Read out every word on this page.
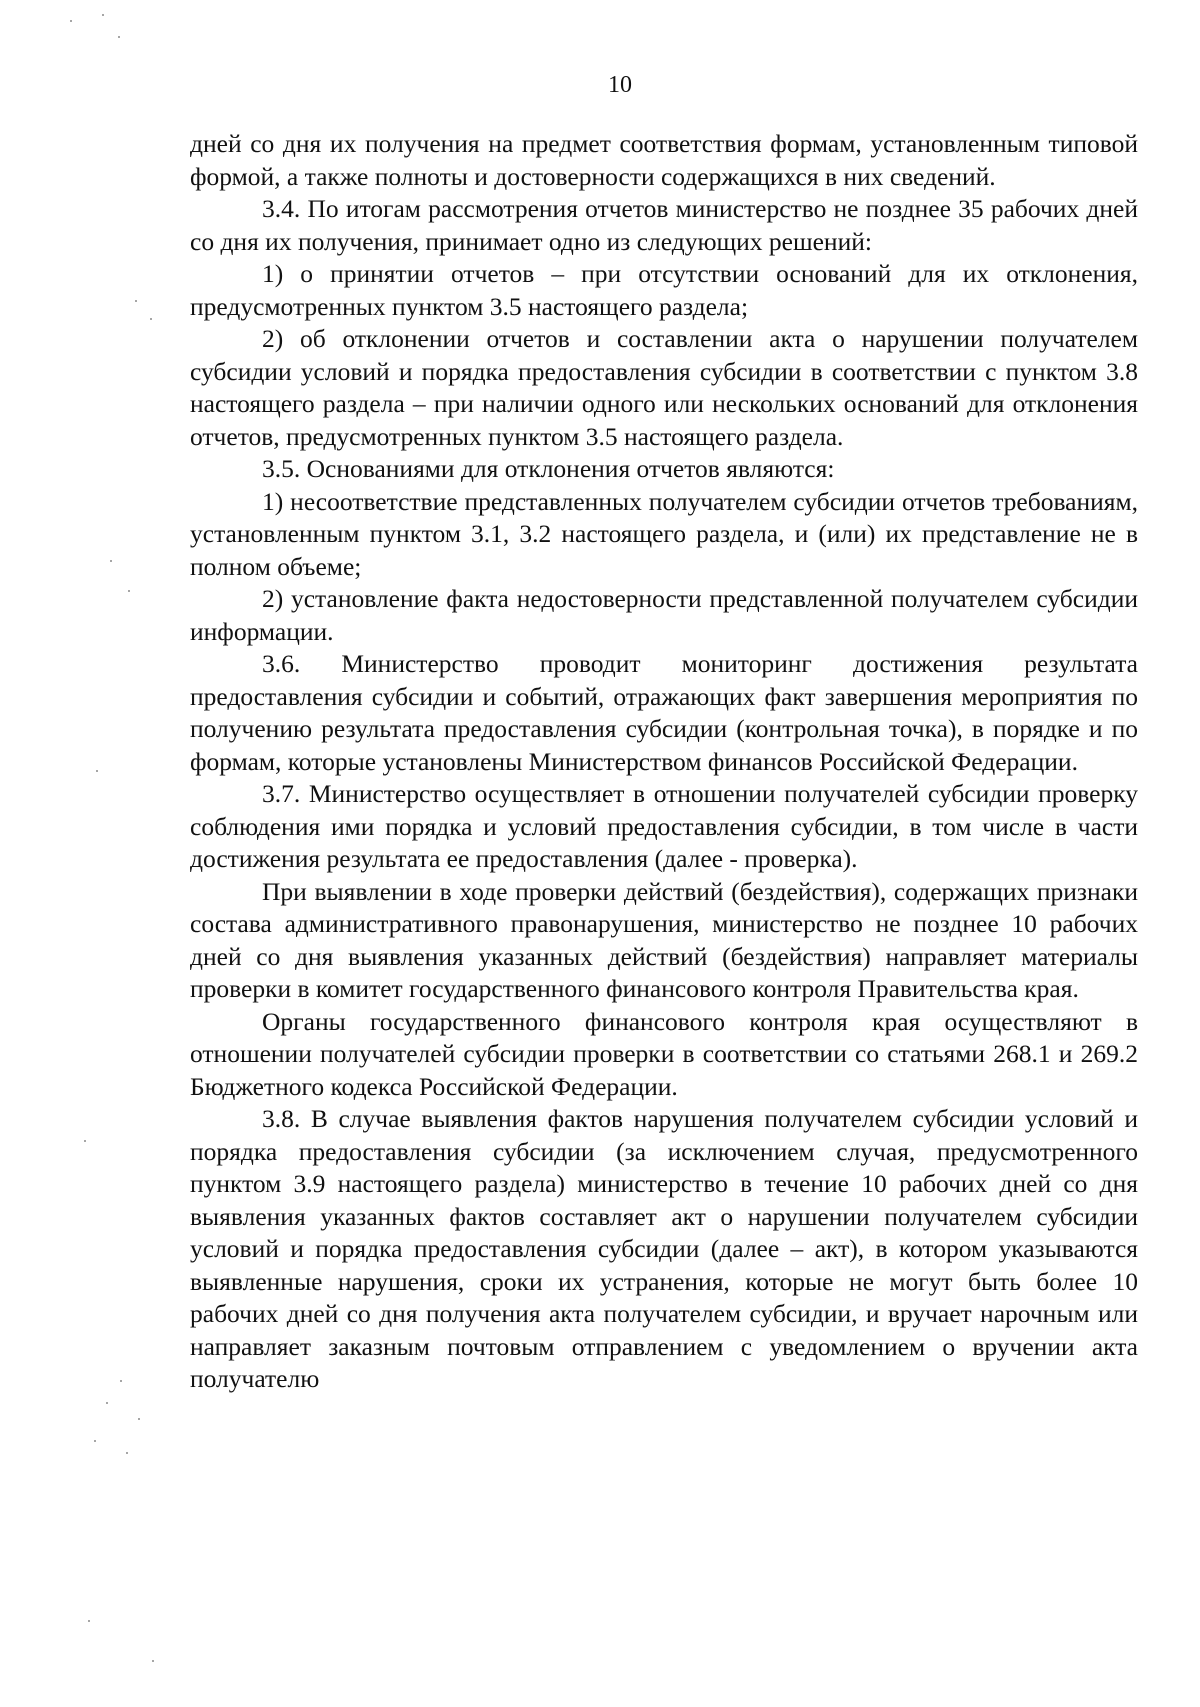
10

дней со дня их получения на предмет соответствия формам, установленным типовой формой, а также полноты и достоверности содержащихся в них сведений.

3.4. По итогам рассмотрения отчетов министерство не позднее 35 рабочих дней со дня их получения, принимает одно из следующих решений:

1) о принятии отчетов – при отсутствии оснований для их отклонения, предусмотренных пунктом 3.5 настоящего раздела;

2) об отклонении отчетов и составлении акта о нарушении получателем субсидии условий и порядка предоставления субсидии в соответствии с пунктом 3.8 настоящего раздела – при наличии одного или нескольких оснований для отклонения отчетов, предусмотренных пунктом 3.5 настоящего раздела.

3.5. Основаниями для отклонения отчетов являются:

1) несоответствие представленных получателем субсидии отчетов требованиям, установленным пунктом 3.1, 3.2 настоящего раздела, и (или) их представление не в полном объеме;

2) установление факта недостоверности представленной получателем субсидии информации.

3.6. Министерство проводит мониторинг достижения результата предоставления субсидии и событий, отражающих факт завершения мероприятия по получению результата предоставления субсидии (контрольная точка), в порядке и по формам, которые установлены Министерством финансов Российской Федерации.

3.7. Министерство осуществляет в отношении получателей субсидии проверку соблюдения ими порядка и условий предоставления субсидии, в том числе в части достижения результата ее предоставления (далее - проверка).

При выявлении в ходе проверки действий (бездействия), содержащих признаки состава административного правонарушения, министерство не позднее 10 рабочих дней со дня выявления указанных действий (бездействия) направляет материалы проверки в комитет государственного финансового контроля Правительства края.

Органы государственного финансового контроля края осуществляют в отношении получателей субсидии проверки в соответствии со статьями 268.1 и 269.2 Бюджетного кодекса Российской Федерации.

3.8. В случае выявления фактов нарушения получателем субсидии условий и порядка предоставления субсидии (за исключением случая, предусмотренного пунктом 3.9 настоящего раздела) министерство в течение 10 рабочих дней со дня выявления указанных фактов составляет акт о нарушении получателем субсидии условий и порядка предоставления субсидии (далее – акт), в котором указываются выявленные нарушения, сроки их устранения, которые не могут быть более 10 рабочих дней со дня получения акта получателем субсидии, и вручает нарочным или направляет заказным почтовым отправлением с уведомлением о вручении акта получателю
